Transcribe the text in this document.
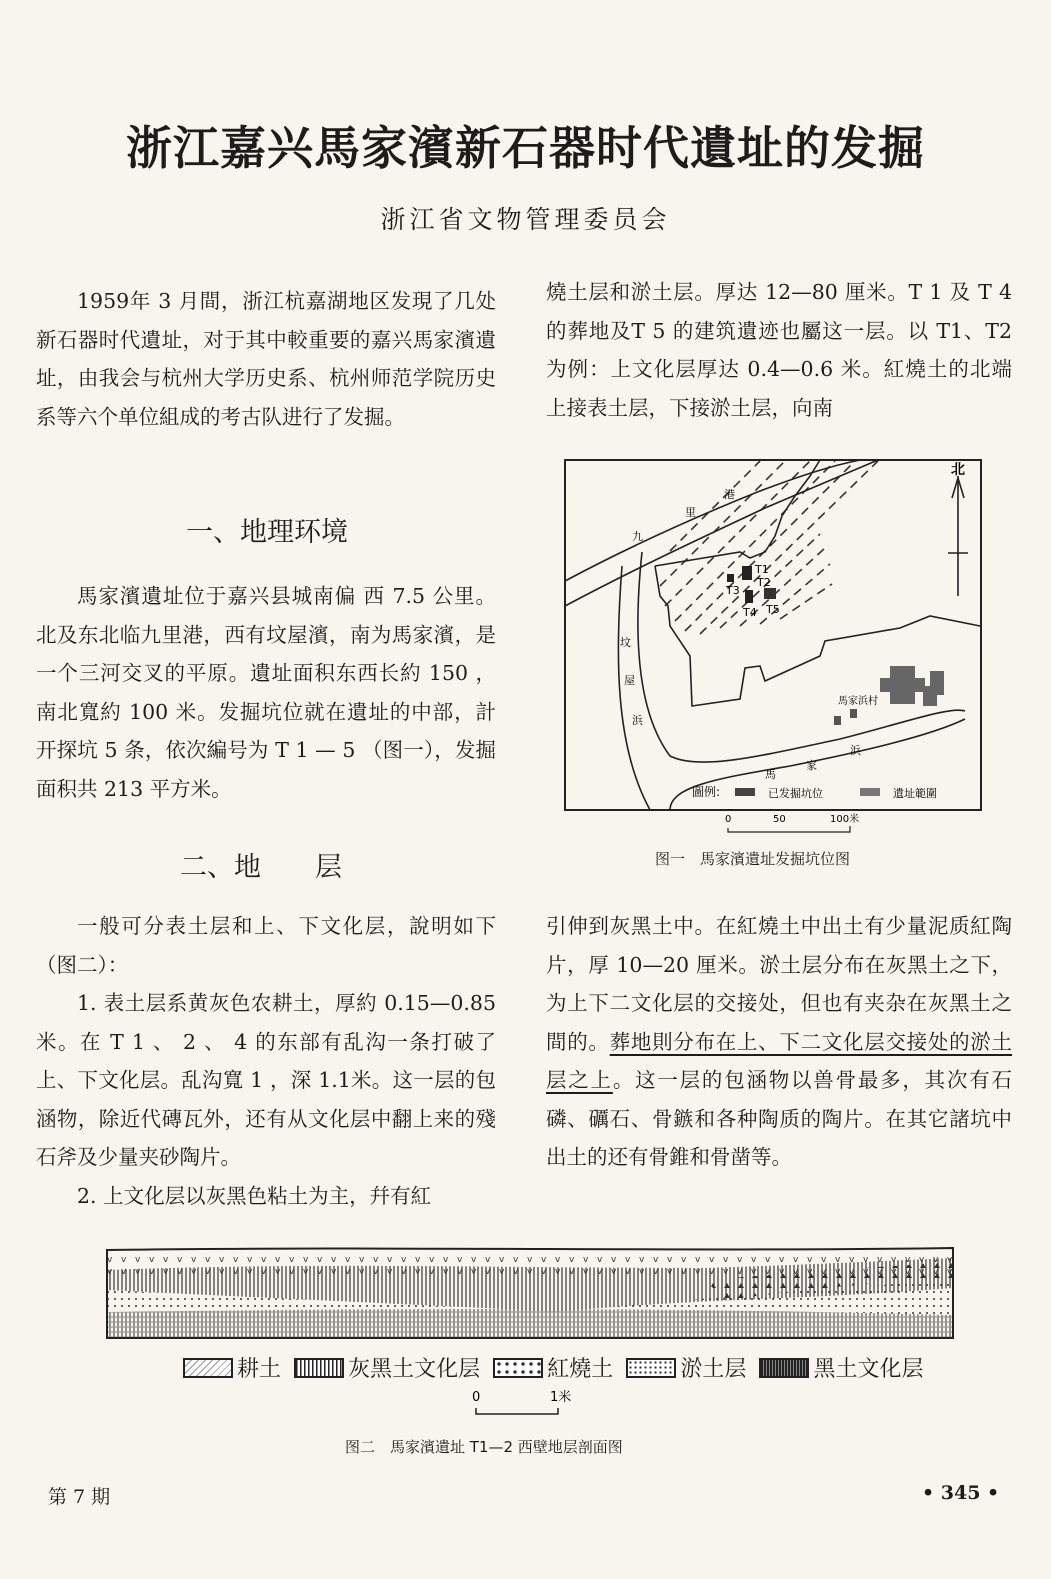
浙江嘉兴馬家濱新石器时代遺址的发掘
浙江省文物管理委员会

1959年 3 月間，浙江杭嘉湖地区发現了几处新石器时代遺址，对于其中較重要的嘉兴馬家濱遺址，由我会与杭州大学历史系、杭州师范学院历史系等六个单位組成的考古队进行了发掘。

一、地理环境

馬家濱遺址位于嘉兴县城南偏 西 7.5 公里。北及东北临九里港，西有坟屋濱，南为馬家濱，是一个三河交叉的平原。遺址面积东西长約 150 ，南北寬約 100 米。发掘坑位就在遺址的中部，計开探坑 5 条，依次編号为 T 1 — 5 （图一），发掘面积共 213 平方米。

二、地　　层

一般可分表土层和上、下文化层，說明如下（图二）：

1. 表土层系黄灰色农耕土，厚約 0.15—0.85 米。在 T 1 、 2 、 4 的东部有乱沟一条打破了上、下文化层。乱沟寬 1 ，深 1.1米。这一层的包涵物，除近代磚瓦外，还有从文化层中翻上来的殘石斧及少量夹砂陶片。

2. 上文化层以灰黑色粘土为主，幷有紅

燒土层和淤土层。厚达 12—80 厘米。T 1 及 T 4 的葬地及T 5 的建筑遺迹也屬这一层。以 T1、T2为例：上文化层厚达 0.4—0.6 米。紅燒土的北端上接表土层，下接淤土层，向南

T1
T2
T3
T4 T5
馬家浜村
港
里
九
坟
屋
浜
馬
家
浜
北
圖例:	已发掘坑位	遺址範圍
0	50	100米
图一　馬家濱遺址发掘坑位图

引伸到灰黑土中。在紅燒土中出土有少量泥质紅陶片，厚 10—20 厘米。淤土层分布在灰黑土之下，为上下二文化层的交接处，但也有夹杂在灰黑土之間的。葬地則分布在上、下二文化层交接处的淤土层之上。这一层的包涵物以兽骨最多，其次有石磷、礪石、骨鏃和各种陶质的陶片。在其它諸坑中出土的还有骨錐和骨凿等。

耕土
	灰黑土文化层
	紅燒土
	淤土层
	黑土文化层
0	1米
图二　馬家濱遺址 T1—2 西壁地层剖面图
第 7 期	• 345 •
